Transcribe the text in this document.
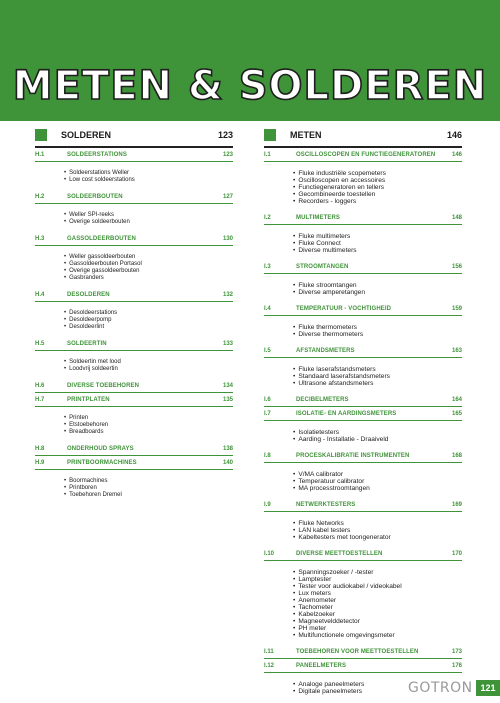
METEN & SOLDEREN
SOLDEREN	123
H.1	SOLDEERSTATIONS	123
• Soldeerstations Weller
• Low cost soldeerstations
H.2	SOLDEERBOUTEN	127
• Weller SPI-reeks
• Overige soldeerbouten
H.3	GASSOLDEERBOUTEN	130
• Weller gassoldeerbouten
• Gassoldeerbouten Portasol
• Overige gassoldeerbouten
• Gasbranders
H.4	DESOLDEREN	132
• Desoldeerstations
• Desoldeerpomp
• Desoldeerlint
H.5	SOLDEERTIN	133
• Soldeertin met lood
• Loodvrij soldeertin
H.6	DIVERSE TOEBEHOREN	134
H.7	PRINTPLATEN	135
• Printen
• Etstoebehoren
• Breadboards
H.8	ONDERHOUD SPRAYS	138
H.9	PRINTBOORMACHINES	140
• Boormachines
• Printboren
• Toebehoren Dremel
METEN	146
I.1	OSCILLOSCOPEN EN FUNCTIEGENERATOREN	146
• Fluke industriële scopemeters
• Oscilloscopen en accessoires
• Functiegeneratoren en tellers
• Gecombineerde toestellen
• Recorders - loggers
I.2	MULTIMETERS	148
• Fluke multimeters
• Fluke Connect
• Diverse multimeters
I.3	STROOMTANGEN	156
• Fluke stroomtangen
• Diverse amperetangen
I.4	TEMPERATUUR - VOCHTIGHEID	159
• Fluke thermometers
• Diverse thermometers
I.5	AFSTANDSMETERS	163
• Fluke laserafstandsmeters
• Standaard laserafstandsmeters
• Ultrasone afstandsmeters
I.6	DECIBELMETERS	164
I.7	ISOLATIE- EN AARDINGSMETERS	165
• Isolatietesters
• Aarding - Installatie - Draaiveld
I.8	PROCESKALIBRATIE INSTRUMENTEN	168
• V/MA calibrator
• Temperatuur calibrator
• MA processtroomtangen
I.9	NETWERKTESTERS	169
• Fluke Networks
• LAN kabel testers
• Kabeltesters met toongenerator
I.10	DIVERSE MEETTOESTELLEN	170
• Spanningszoeker / -tester
• Lamptester
• Tester voor audiokabel / videokabel
• Lux meters
• Anemometer
• Tachometer
• Kabelzoeker
• Magneetvelddetector
• PH meter
• Multifunctionele omgevingsmeter
I.11	TOEBEHOREN VOOR MEETTOESTELLEN	173
I.12	PANEELMETERS	176
• Analoge paneelmeters
• Digitale paneelmeters	GOTRON 121
